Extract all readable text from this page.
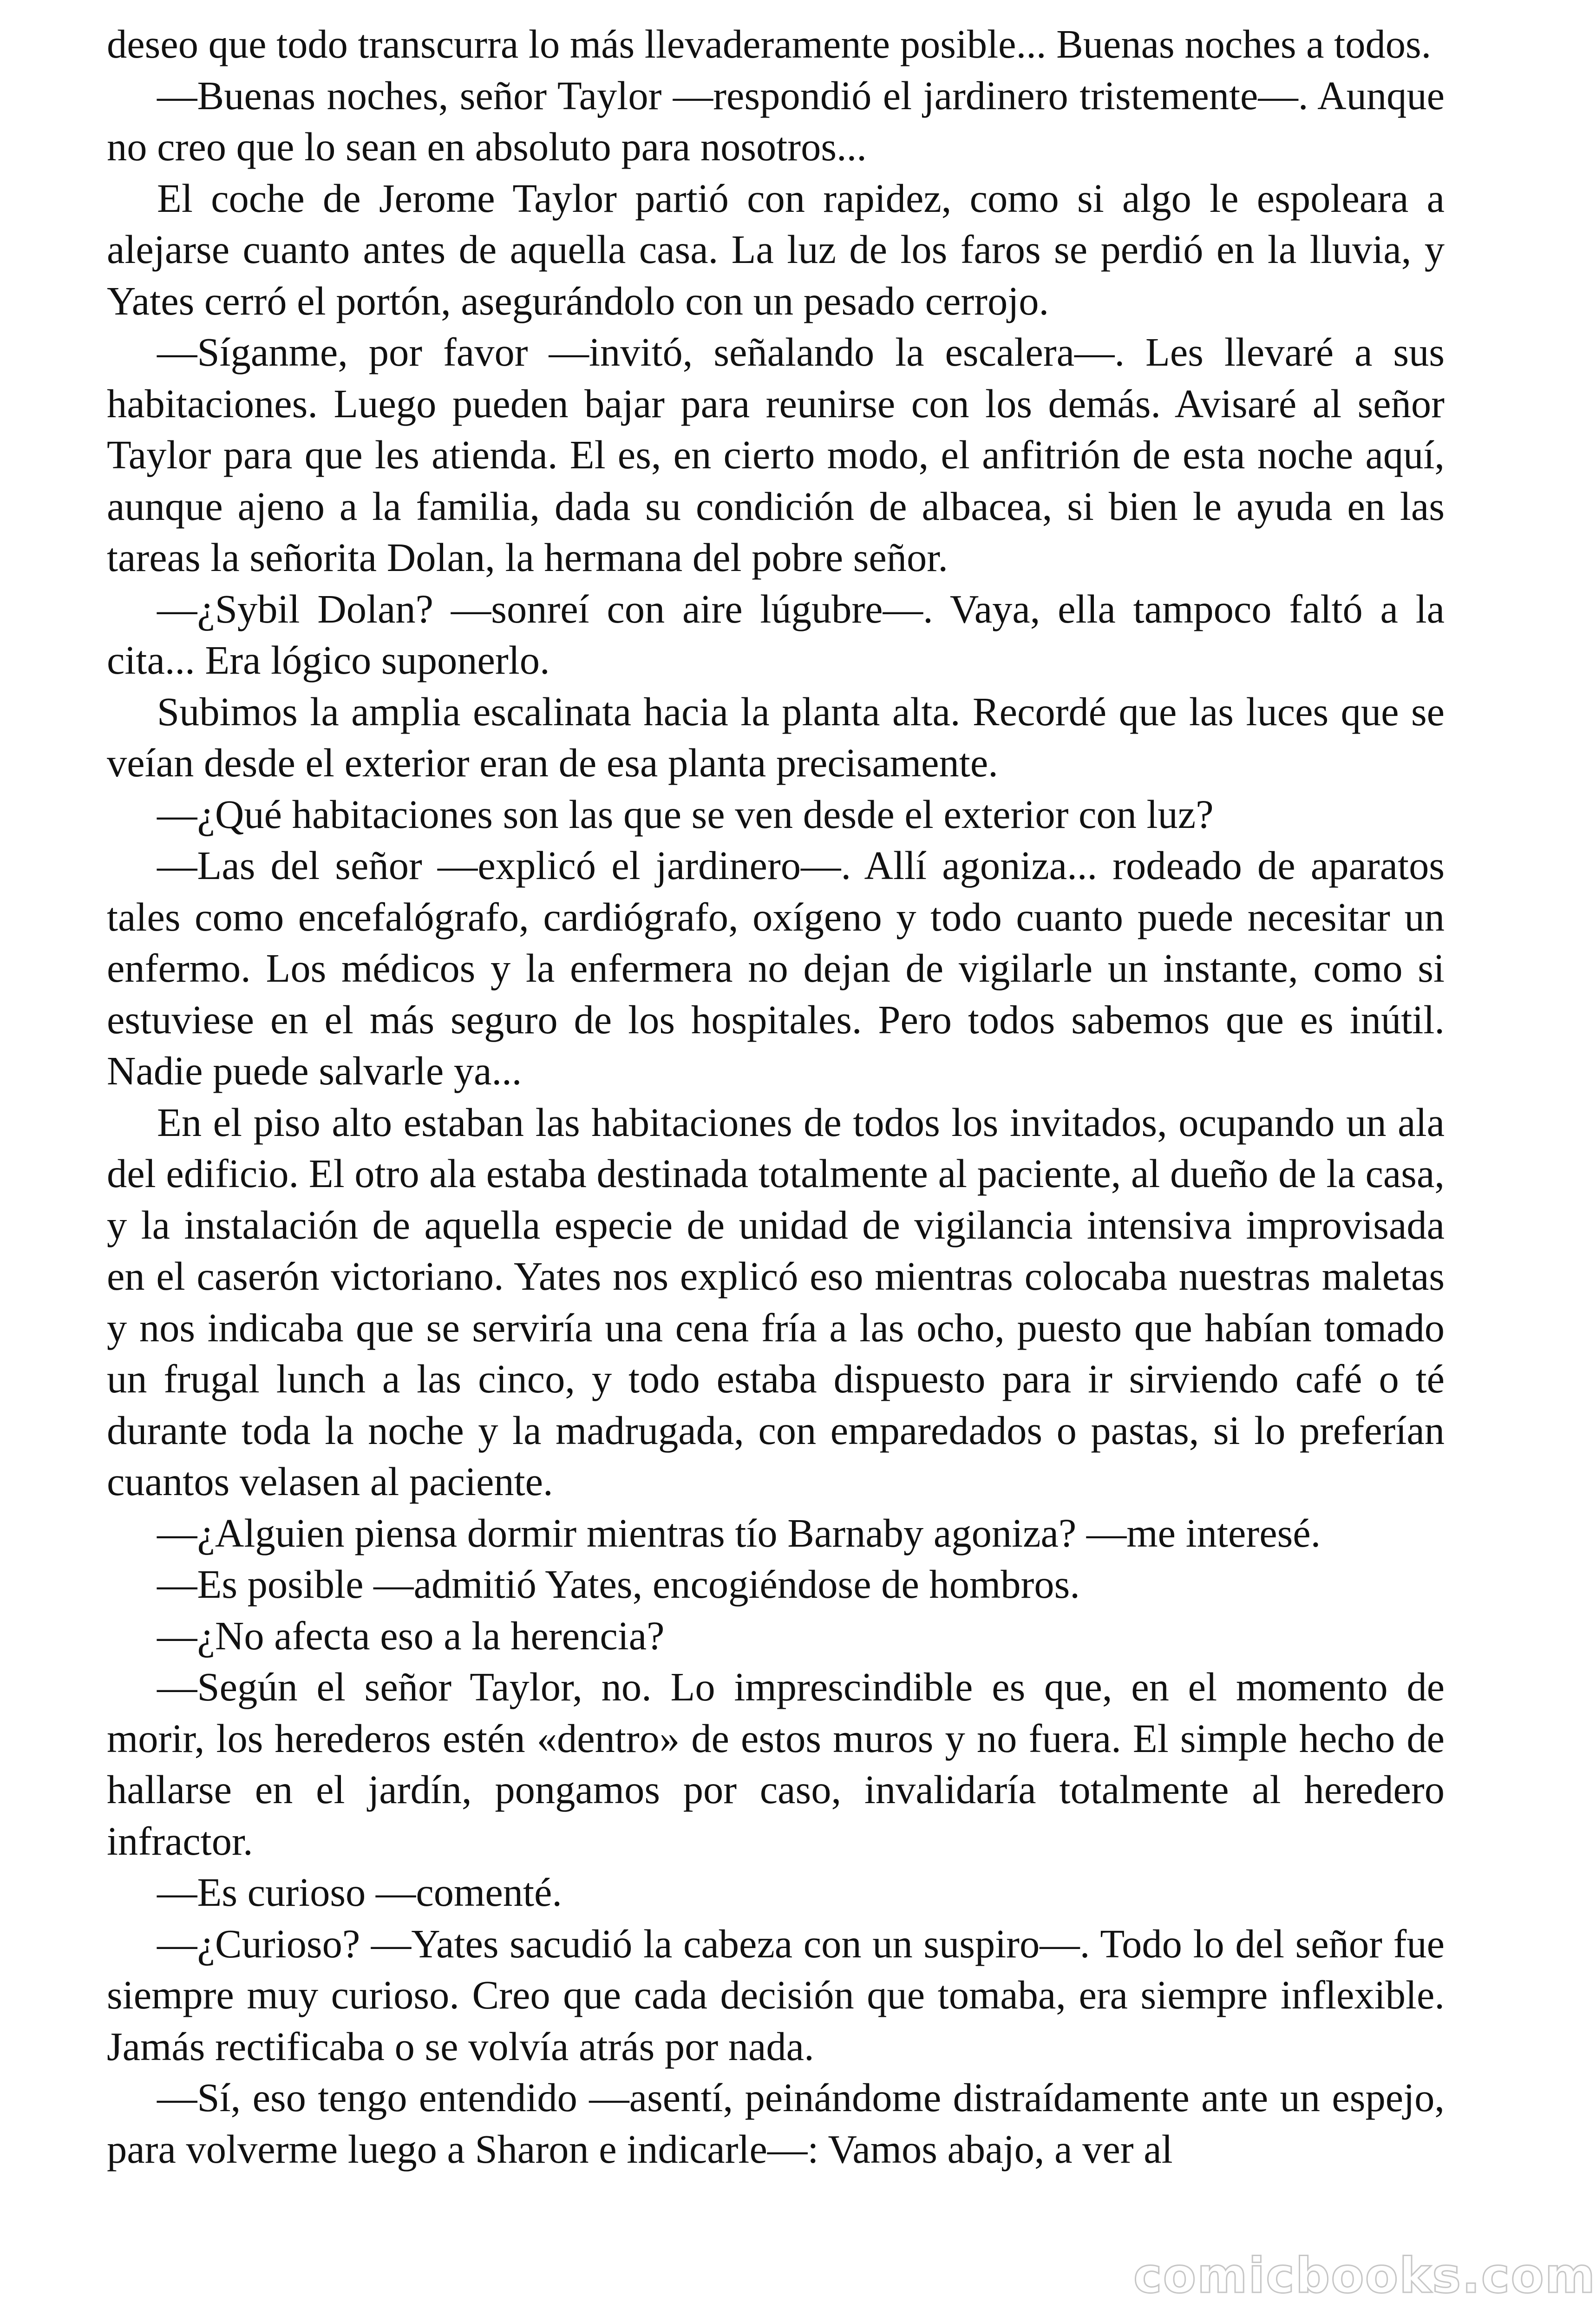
deseo que todo transcurra lo más llevaderamente posible... Buenas noches a todos.

—Buenas noches, señor Taylor —respondió el jardinero tristemente—. Aunque no creo que lo sean en absoluto para nosotros...

El coche de Jerome Taylor partió con rapidez, como si algo le espoleara a alejarse cuanto antes de aquella casa. La luz de los faros se perdió en la lluvia, y Yates cerró el portón, asegurándolo con un pesado cerrojo.

—Síganme, por favor —invitó, señalando la escalera—. Les llevaré a sus habitaciones. Luego pueden bajar para reunirse con los demás. Avisaré al señor Taylor para que les atienda. El es, en cierto modo, el anfitrión de esta noche aquí, aunque ajeno a la familia, dada su condición de albacea, si bien le ayuda en las tareas la señorita Dolan, la hermana del pobre señor.

—¿Sybil Dolan? —sonreí con aire lúgubre—. Vaya, ella tampoco faltó a la cita... Era lógico suponerlo.

Subimos la amplia escalinata hacia la planta alta. Recordé que las luces que se veían desde el exterior eran de esa planta precisamente.

—¿Qué habitaciones son las que se ven desde el exterior con luz?

—Las del señor —explicó el jardinero—. Allí agoniza... rodeado de aparatos tales como encefalógrafo, cardiógrafo, oxígeno y todo cuanto puede necesitar un enfermo. Los médicos y la enfermera no dejan de vigilarle un instante, como si estuviese en el más seguro de los hospitales. Pero todos sabemos que es inútil. Nadie puede salvarle ya...

En el piso alto estaban las habitaciones de todos los invitados, ocupando un ala del edificio. El otro ala estaba destinada totalmente al paciente, al dueño de la casa, y la instalación de aquella especie de unidad de vigilancia intensiva improvisada en el caserón victoriano. Yates nos explicó eso mientras colocaba nuestras maletas y nos indicaba que se serviría una cena fría a las ocho, puesto que habían tomado un frugal lunch a las cinco, y todo estaba dispuesto para ir sirviendo café o té durante toda la noche y la madrugada, con emparedados o pastas, si lo preferían cuantos velasen al paciente.

—¿Alguien piensa dormir mientras tío Barnaby agoniza? —me interesé.

—Es posible —admitió Yates, encogiéndose de hombros.

—¿No afecta eso a la herencia?

—Según el señor Taylor, no. Lo imprescindible es que, en el momento de morir, los herederos estén «dentro» de estos muros y no fuera. El simple hecho de hallarse en el jardín, pongamos por caso, invalidaría totalmente al heredero infractor.

—Es curioso —comenté.

—¿Curioso? —Yates sacudió la cabeza con un suspiro—. Todo lo del señor fue siempre muy curioso. Creo que cada decisión que tomaba, era siempre inflexible. Jamás rectificaba o se volvía atrás por nada.

—Sí, eso tengo entendido —asentí, peinándome distraídamente ante un espejo, para volverme luego a Sharon e indicarle—: Vamos abajo, a ver al

comicbooks.com
